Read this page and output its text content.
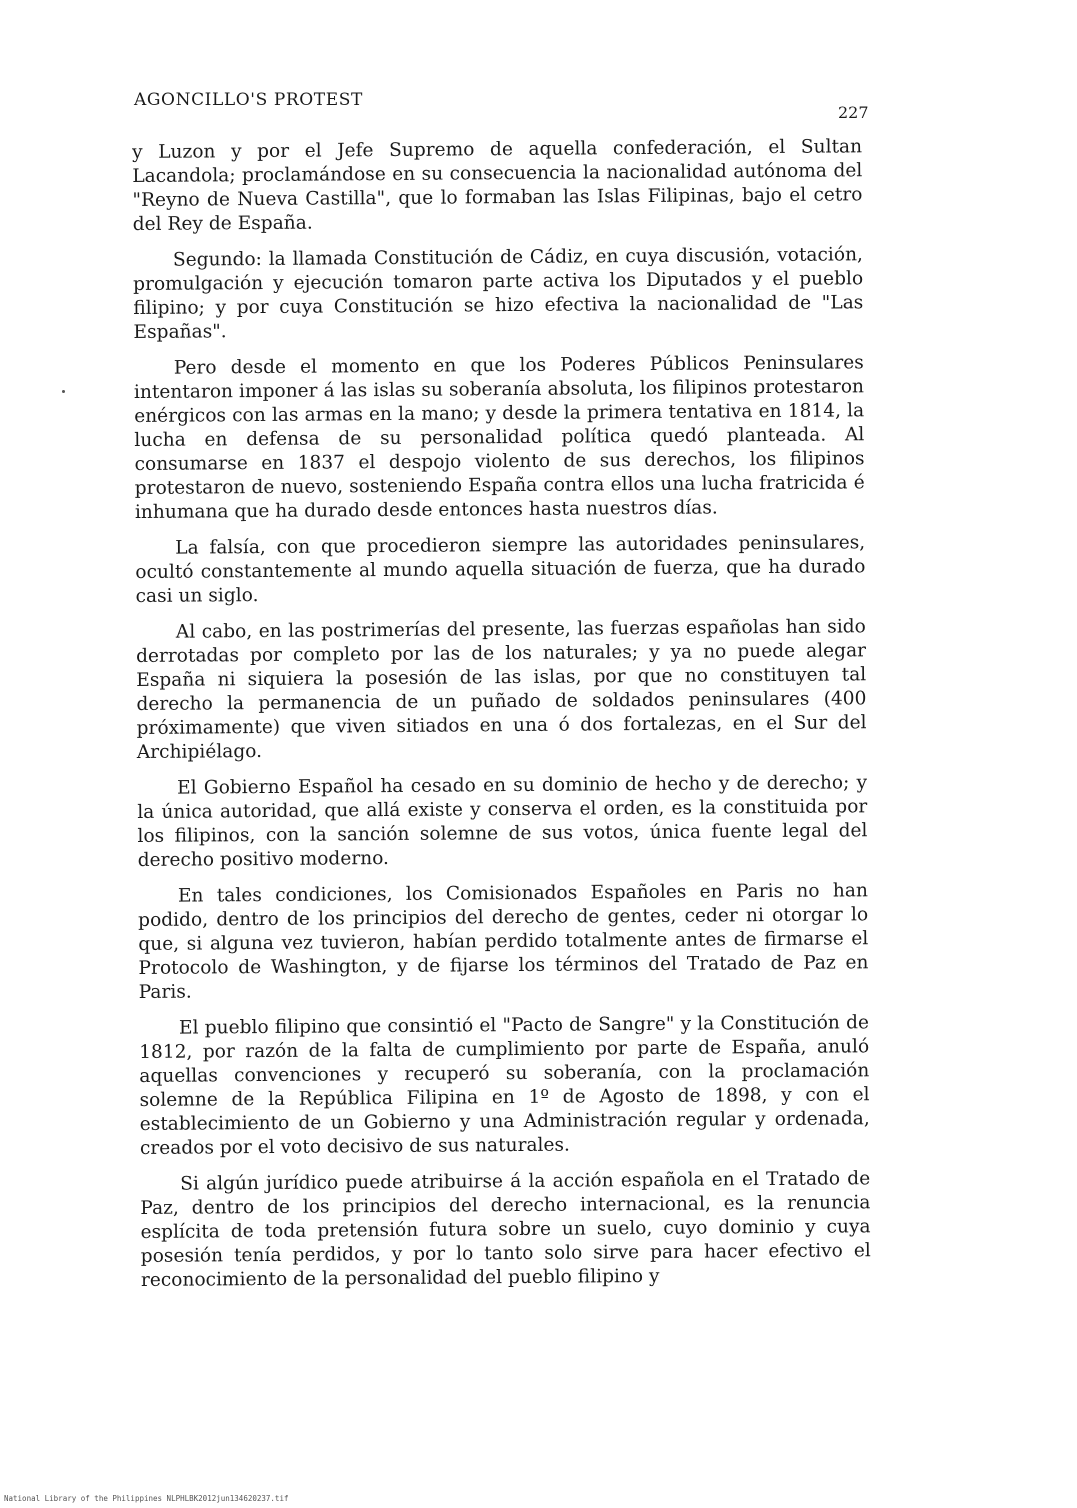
AGONCILLO'S PROTEST
227

y Luzon y por el Jefe Supremo de aquella confederación, el Sultan Lacandola; proclamándose en su consecuencia la nacionalidad autónoma del "Reyno de Nueva Castilla", que lo formaban las Islas Filipinas, bajo el cetro del Rey de España.

Segundo: la llamada Constitución de Cádiz, en cuya discusión, votación, promulgación y ejecución tomaron parte activa los Diputados y el pueblo filipino; y por cuya Constitución se hizo efectiva la nacionalidad de "Las Españas".

Pero desde el momento en que los Poderes Públicos Peninsulares intentaron imponer á las islas su soberanía absoluta, los filipinos protestaron enérgicos con las armas en la mano; y desde la primera tentativa en 1814, la lucha en defensa de su personalidad política quedó planteada. Al consumarse en 1837 el despojo violento de sus derechos, los filipinos protestaron de nuevo, sosteniendo España contra ellos una lucha fratricida é inhumana que ha durado desde entonces hasta nuestros días.

La falsía, con que procedieron siempre las autoridades peninsulares, ocultó constantemente al mundo aquella situación de fuerza, que ha durado casi un siglo.

Al cabo, en las postrimerías del presente, las fuerzas españolas han sido derrotadas por completo por las de los naturales; y ya no puede alegar España ni siquiera la posesión de las islas, por que no constituyen tal derecho la permanencia de un puñado de soldados peninsulares (400 próximamente) que viven sitiados en una ó dos fortalezas, en el Sur del Archipiélago.

El Gobierno Español ha cesado en su dominio de hecho y de derecho; y la única autoridad, que allá existe y conserva el orden, es la constituida por los filipinos, con la sanción solemne de sus votos, única fuente legal del derecho positivo moderno.

En tales condiciones, los Comisionados Españoles en Paris no han podido, dentro de los principios del derecho de gentes, ceder ni otorgar lo que, si alguna vez tuvieron, habían perdido totalmente antes de firmarse el Protocolo de Washington, y de fijarse los términos del Tratado de Paz en Paris.

El pueblo filipino que consintió el "Pacto de Sangre" y la Constitución de 1812, por razón de la falta de cumplimiento por parte de España, anuló aquellas convenciones y recuperó su soberanía, con la proclamación solemne de la República Filipina en 1º de Agosto de 1898, y con el establecimiento de un Gobierno y una Administración regular y ordenada, creados por el voto decisivo de sus naturales.

Si algún jurídico puede atribuirse á la acción española en el Tratado de Paz, dentro de los principios del derecho internacional, es la renuncia esplícita de toda pretensión futura sobre un suelo, cuyo dominio y cuya posesión tenía perdidos, y por lo tanto solo sirve para hacer efectivo el reconocimiento de la personalidad del pueblo filipino y

National Library of the Philippines NLPHLBK2012jun134620237.tif
